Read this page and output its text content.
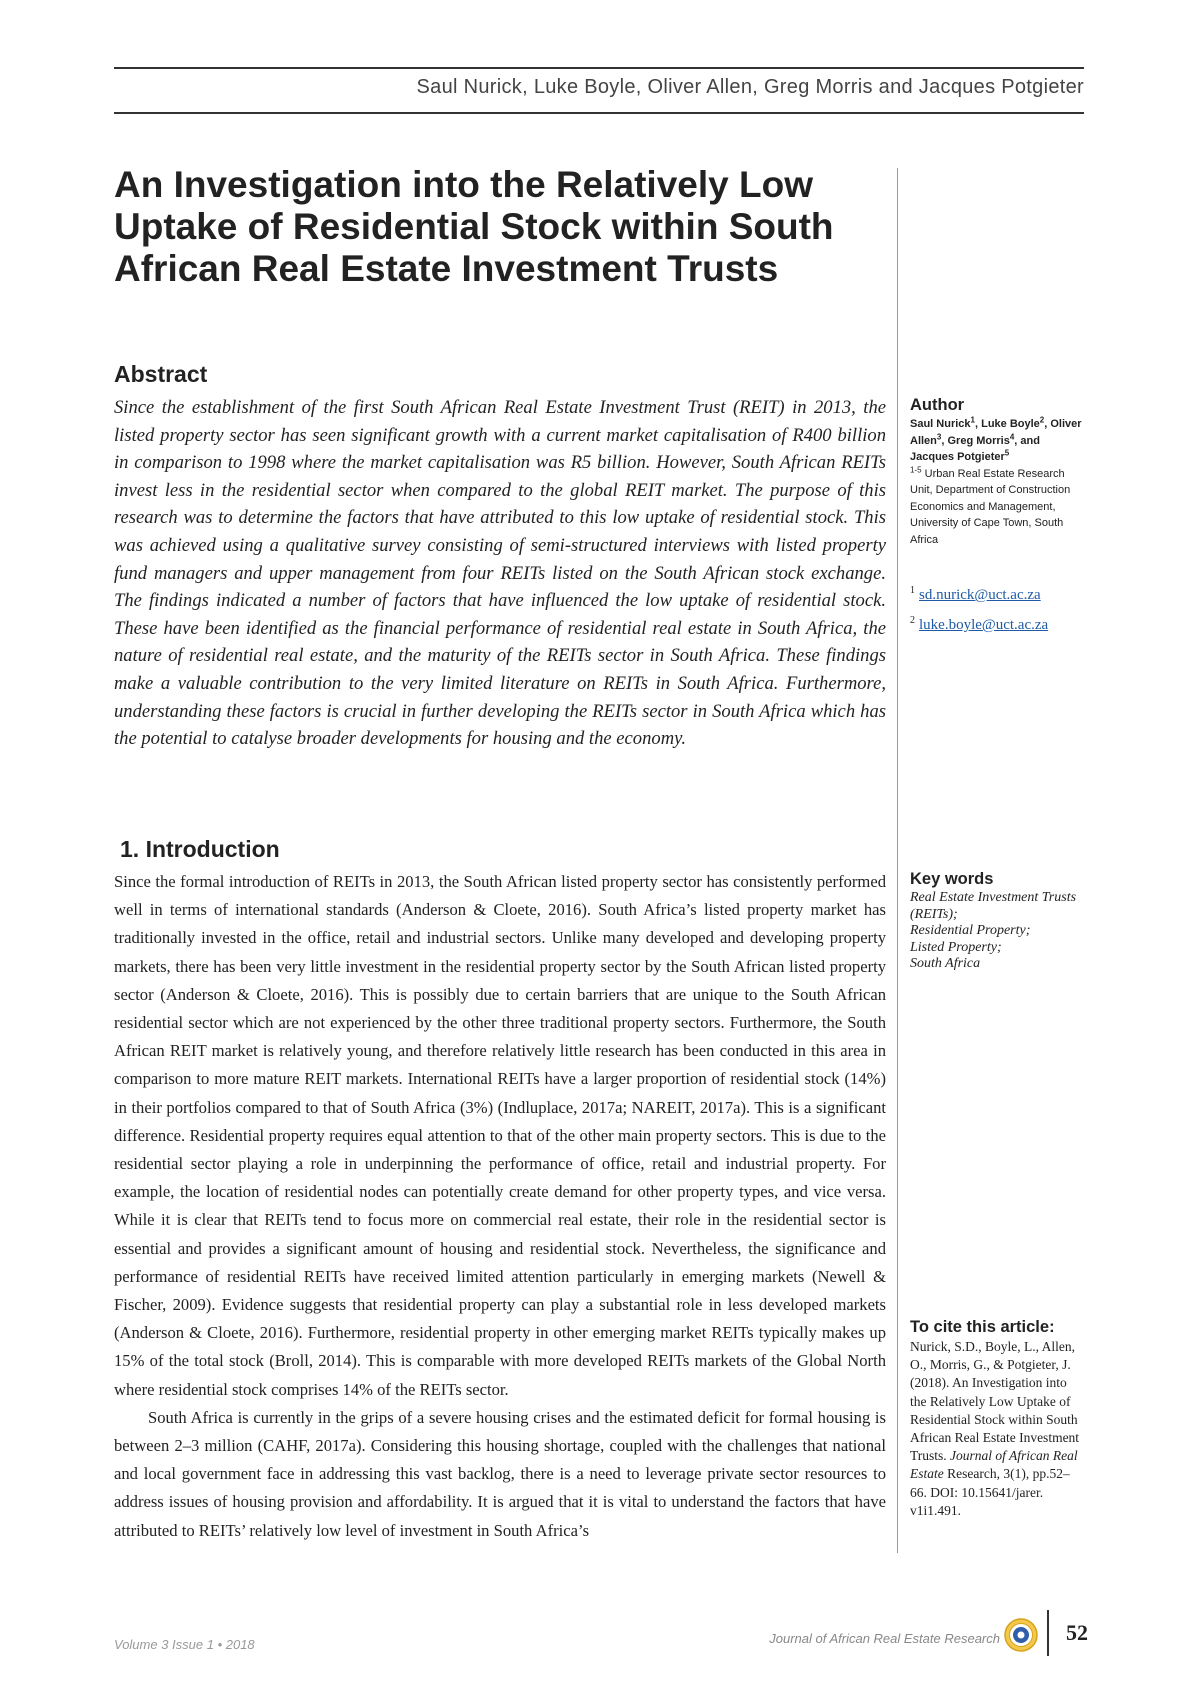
Saul Nurick, Luke Boyle, Oliver Allen, Greg Morris and Jacques Potgieter
An Investigation into the Relatively Low Uptake of Residential Stock within South African Real Estate Investment Trusts
Abstract

Since the establishment of the first South African Real Estate Investment Trust (REIT) in 2013, the listed property sector has seen significant growth with a current market capitalisation of R400 billion in comparison to 1998 where the market capitalisation was R5 billion. However, South African REITs invest less in the residential sector when compared to the global REIT market. The purpose of this research was to determine the factors that have attributed to this low uptake of residential stock. This was achieved using a qualitative survey consisting of semi-structured interviews with listed property fund managers and upper management from four REITs listed on the South African stock exchange. The findings indicated a number of factors that have influenced the low uptake of residential stock. These have been identified as the financial performance of residential real estate in South Africa, the nature of residential real estate, and the maturity of the REITs sector in South Africa. These findings make a valuable contribution to the very limited literature on REITs in South Africa. Furthermore, understanding these factors is crucial in further developing the REITs sector in South Africa which has the potential to catalyse broader developments for housing and the economy.

1. Introduction

Since the formal introduction of REITs in 2013, the South African listed property sector has consistently performed well in terms of international standards (Anderson & Cloete, 2016). South Africa’s listed property market has traditionally invested in the office, retail and industrial sectors. Unlike many developed and developing property markets, there has been very little investment in the residential property sector by the South African listed property sector (Anderson & Cloete, 2016). This is possibly due to certain barriers that are unique to the South African residential sector which are not experienced by the other three traditional property sectors. Furthermore, the South African REIT market is relatively young, and therefore relatively little research has been conducted in this area in comparison to more mature REIT markets. International REITs have a larger proportion of residential stock (14%) in their portfolios compared to that of South Africa (3%) (Indluplace, 2017a; NAREIT, 2017a). This is a significant difference. Residential property requires equal attention to that of the other main property sectors. This is due to the residential sector playing a role in underpinning the performance of office, retail and industrial property. For example, the location of residential nodes can potentially create demand for other property types, and vice versa. While it is clear that REITs tend to focus more on commercial real estate, their role in the residential sector is essential and provides a significant amount of housing and residential stock. Nevertheless, the significance and performance of residential REITs have received limited attention particularly in emerging markets (Newell & Fischer, 2009). Evidence suggests that residential property can play a substantial role in less developed markets (Anderson & Cloete, 2016). Furthermore, residential property in other emerging market REITs typically makes up 15% of the total stock (Broll, 2014). This is comparable with more developed REITs markets of the Global North where residential stock comprises 14% of the REITs sector.

South Africa is currently in the grips of a severe housing crises and the estimated deficit for formal housing is between 2–3 million (CAHF, 2017a). Considering this housing shortage, coupled with the challenges that national and local government face in addressing this vast backlog, there is a need to leverage private sector resources to address issues of housing provision and affordability. It is argued that it is vital to understand the factors that have attributed to REITs’ relatively low level of investment in South Africa’s

Author
Saul Nurick$^1$, Luke Boyle$^2$, Oliver Allen$^3$, Greg Morris$^4$, and Jacques Potgieter$^5$
$^{1-5}$ Urban Real Estate Research Unit, Department of Construction Economics and Management, University of Cape Town, South Africa
$^1$ sd.nurick@uct.ac.za
$^2$ luke.boyle@uct.ac.za
Key words
Real Estate Investment Trusts (REITs);
Residential Property;
Listed Property;
South Africa
To cite this article:
Nurick, S.D., Boyle, L., Allen, O., Morris, G., & Potgieter, J. (2018). An Investigation into the Relatively Low Uptake of Residential Stock within South African Real Estate Investment Trusts. Journal of African Real Estate Research, 3(1), pp.52–66. DOI: 10.15641/jarer. v1i1.491.
Volume 3 Issue 1 • 2018	Journal of African Real Estate Research	52
